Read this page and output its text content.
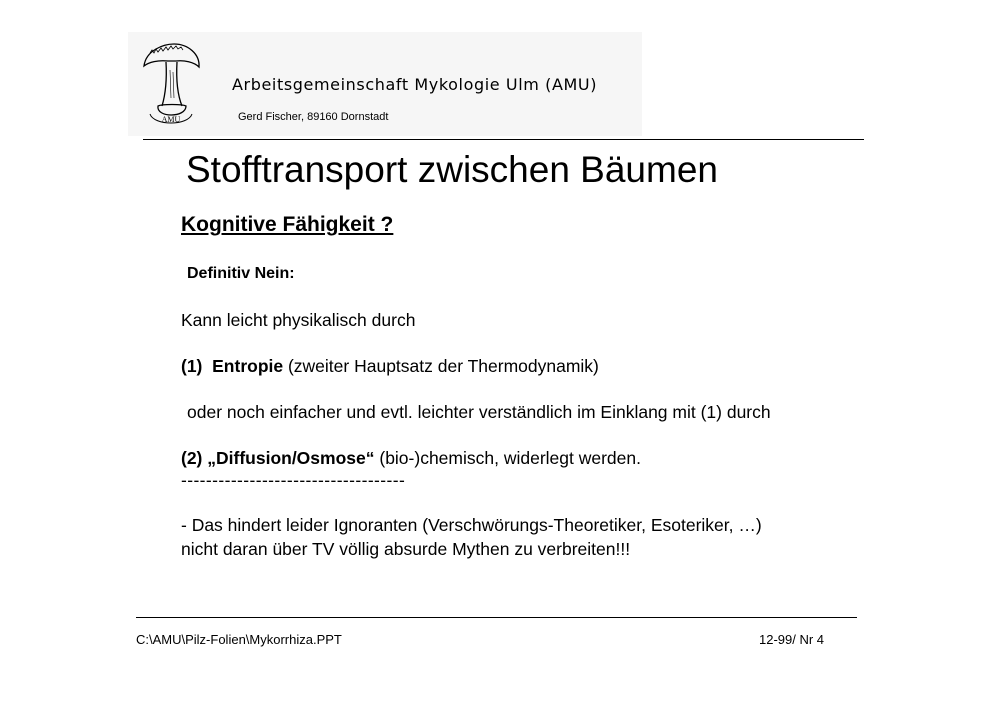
AMU
Arbeitsgemeinschaft Mykologie Ulm (AMU)
Gerd Fischer, 89160 Dornstadt
Stofftransport zwischen Bäumen
Kognitive Fähigkeit ?
Definitiv Nein:
Kann leicht physikalisch durch
(1) Entropie (zweiter Hauptsatz der Thermodynamik)
oder noch einfacher und evtl. leichter verständlich im Einklang mit (1) durch
(2) „Diffusion/Osmose“ (bio-)chemisch, widerlegt werden.
------------------------------------
- Das hindert leider Ignoranten (Verschwörungs-Theoretiker, Esoteriker, …)
nicht daran über TV völlig absurde Mythen zu verbreiten!!!
C:\AMU\Pilz-Folien\Mykorrhiza.PPT	12-99/ Nr 4
